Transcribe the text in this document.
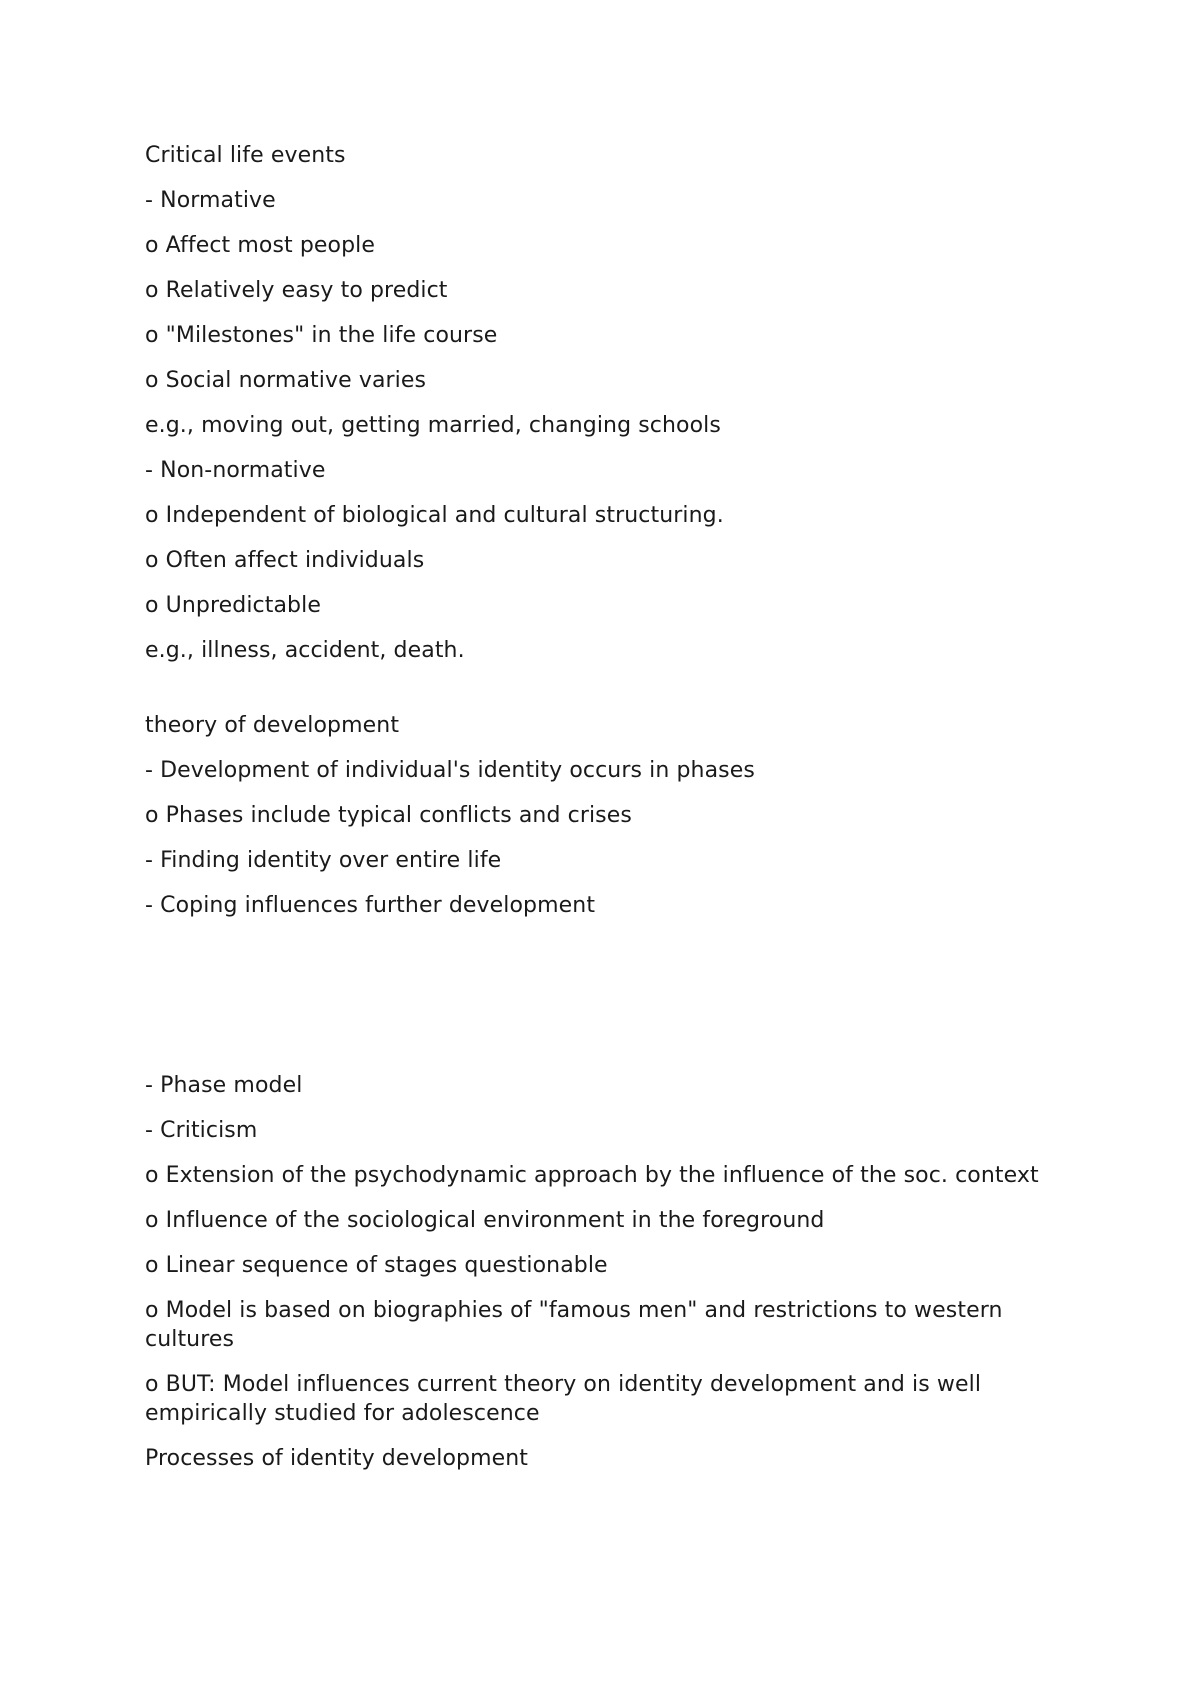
Critical life events

- Normative

o Affect most people

o Relatively easy to predict

o "Milestones" in the life course

o Social normative varies

e.g., moving out, getting married, changing schools

- Non-normative

o Independent of biological and cultural structuring.

o Often affect individuals

o Unpredictable

e.g., illness, accident, death.

theory of development

- Development of individual's identity occurs in phases

o Phases include typical conflicts and crises

- Finding identity over entire life

- Coping influences further development

- Phase model

- Criticism

o Extension of the psychodynamic approach by the influence of the soc. context

o Influence of the sociological environment in the foreground

o Linear sequence of stages questionable

o Model is based on biographies of "famous men" and restrictions to western cultures

o BUT: Model influences current theory on identity development and is well empirically studied for adolescence

Processes of identity development
